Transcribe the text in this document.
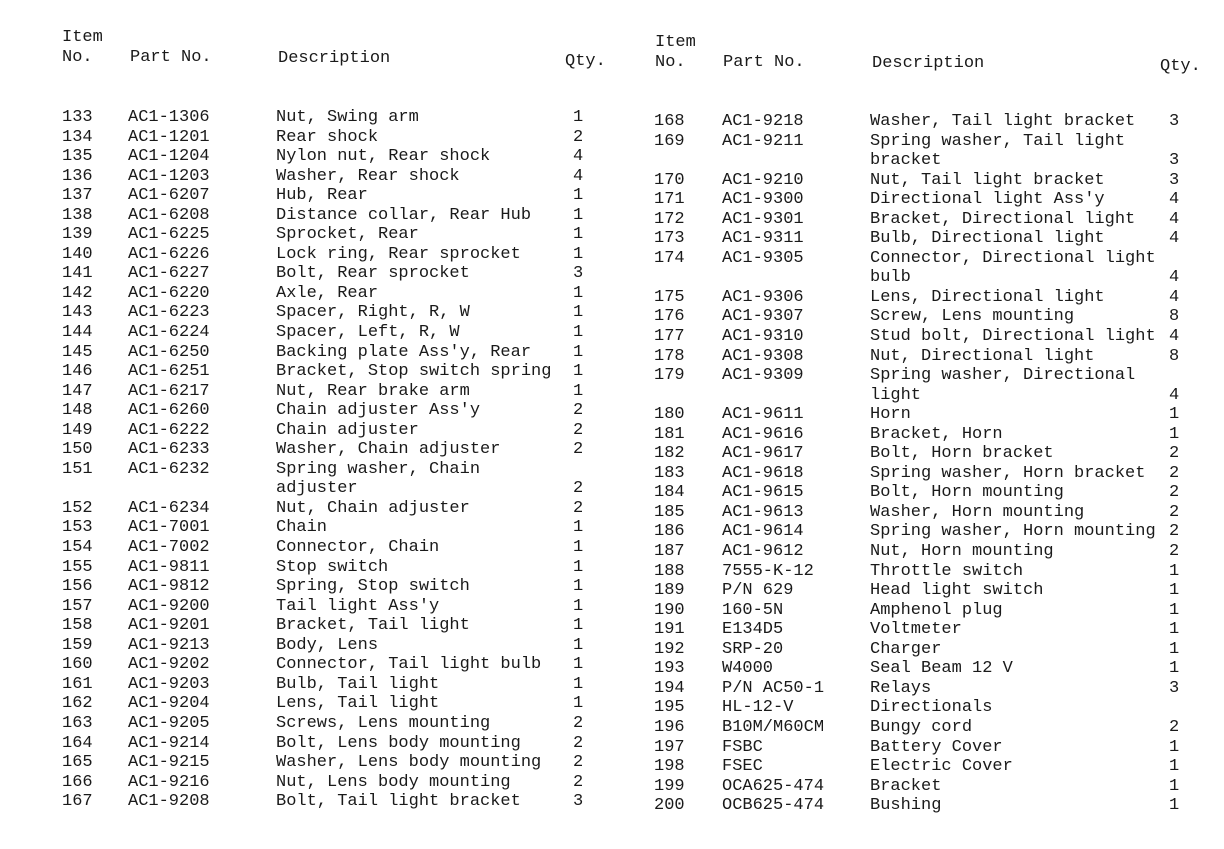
Item
No.	Part No.	Description	Qty.
133 AC1-1306	Nut, Swing arm	1
134 AC1-1201	Rear shock	2
135 AC1-1204	Nylon nut, Rear shock	4
136 AC1-1203	Washer, Rear shock	4
137 AC1-6207	Hub, Rear	1
138 AC1-6208	Distance collar, Rear Hub	1
139 AC1-6225	Sprocket, Rear	1
140 AC1-6226	Lock ring, Rear sprocket	1
141 AC1-6227	Bolt, Rear sprocket	3
142 AC1-6220	Axle, Rear	1
143 AC1-6223	Spacer, Right, R, W	1
144 AC1-6224	Spacer, Left, R, W	1
145 AC1-6250	Backing plate Ass'y, Rear	1
146 AC1-6251	Bracket, Stop switch spring	1
147 AC1-6217	Nut, Rear brake arm	1
148 AC1-6260	Chain adjuster Ass'y	2
149 AC1-6222	Chain adjuster	2
150 AC1-6233	Washer, Chain adjuster	2
151 AC1-6232	Spring washer, Chain adjuster	2
152 AC1-6234	Nut, Chain adjuster	2
153 AC1-7001	Chain	1
154 AC1-7002	Connector, Chain	1
155 AC1-9811	Stop switch	1
156 AC1-9812	Spring, Stop switch	1
157 AC1-9200	Tail light Ass'y	1
158 AC1-9201	Bracket, Tail light	1
159 AC1-9213	Body, Lens	1
160 AC1-9202	Connector, Tail light bulb	1
161 AC1-9203	Bulb, Tail light	1
162 AC1-9204	Lens, Tail light	1
163 AC1-9205	Screws, Lens mounting	2
164 AC1-9214	Bolt, Lens body mounting	2
165 AC1-9215	Washer, Lens body mounting	2
166 AC1-9216	Nut, Lens body mounting	2
167 AC1-9208	Bolt, Tail light bracket	3
Item
No.	Part No.	Description	Qty.
168 AC1-9218	Washer, Tail light bracket	3
169 AC1-9211	Spring washer, Tail light bracket	3
170 AC1-9210	Nut, Tail light bracket	3
171 AC1-9300	Directional light Ass'y	4
172 AC1-9301	Bracket, Directional light	4
173 AC1-9311	Bulb, Directional light	4
174 AC1-9305	Connector, Directional light bulb	4
175 AC1-9306	Lens, Directional light	4
176 AC1-9307	Screw, Lens mounting	8
177 AC1-9310	Stud bolt, Directional light 4
178 AC1-9308	Nut, Directional light	8
179 AC1-9309	Spring washer, Directional light	4
180 AC1-9611	Horn	1
181 AC1-9616	Bracket, Horn	1
182 AC1-9617	Bolt, Horn bracket	2
183 AC1-9618	Spring washer, Horn bracket	2
184 AC1-9615	Bolt, Horn mounting	2
185 AC1-9613	Washer, Horn mounting	2
186 AC1-9614	Spring washer, Horn mounting 2
187 AC1-9612	Nut, Horn mounting	2
188 7555-K-12	Throttle switch	1
189 P/N 629	Head light switch	1
190 160-5N	Amphenol plug	1
191 E134D5	Voltmeter	1
192 SRP-20	Charger	1
193 W4000	Seal Beam 12 V	1
194 P/N AC50-1	Relays	3
195 HL-12-V	Directionals
196 B10M/M60CM	Bungy cord	2
197 FSBC	Battery Cover	1
198 FSEC	Electric Cover	1
199 OCA625-474	Bracket	1
200 OCB625-474	Bushing	1
